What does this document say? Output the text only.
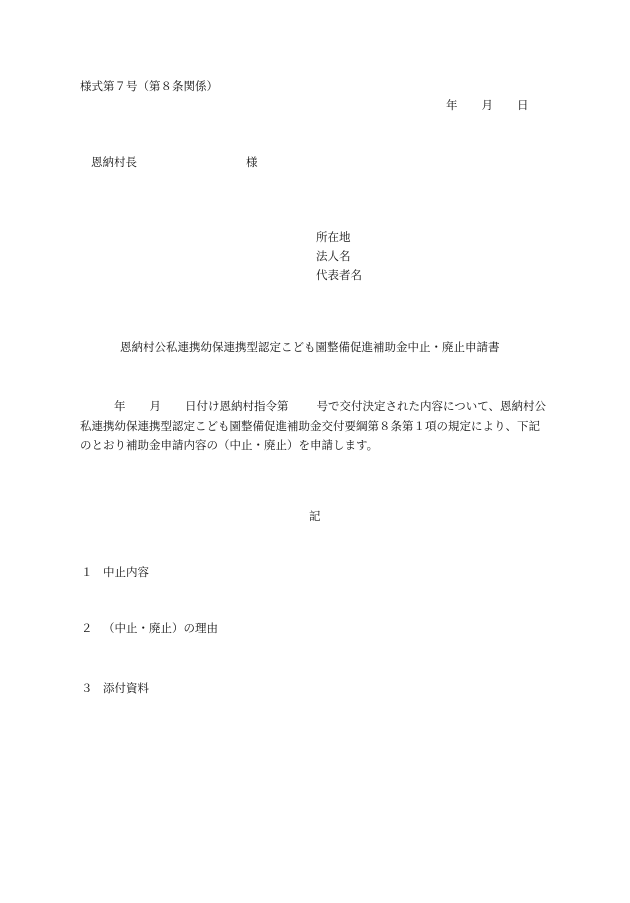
様式第７号（第８条関係）
年 月 日
恩納村長	様
所在地
法人名
代表者名
恩納村公私連携幼保連携型認定こども園整備促進補助金中止・廃止申請書
年 月 日付け恩納村指令第 号で交付決定された内容について、恩納村公私連携幼保連携型認定こども園整備促進補助金交付要綱第８条第１項の規定により、下記のとおり補助金申請内容の（中止・廃止）を申請します。
記
１ 中止内容
２ （中止・廃止）の理由
３ 添付資料
